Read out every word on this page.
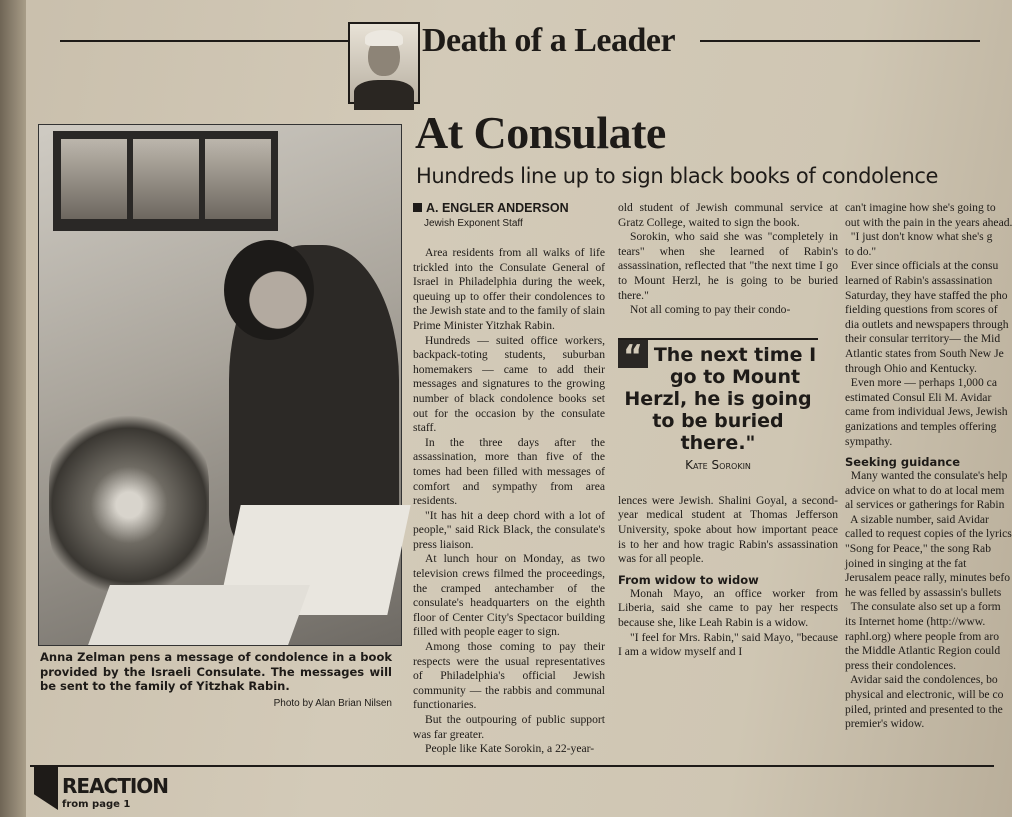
Death of a Leader
Anna Zelman pens a message of condolence in a book provided by the Israeli Consulate. The messages will be sent to the family of Yitzhak Rabin.
Photo by Alan Brian Nilsen
At Consulate
Hundreds line up to sign black books of condolence
A. ENGLER ANDERSON
Jewish Exponent Staff

Area residents from all walks of life trickled into the Consulate General of Israel in Philadelphia during the week, queuing up to offer their condolences to the Jewish state and to the family of slain Prime Minister Yitzhak Rabin.

Hundreds — suited office workers, backpack-toting students, suburban homemakers — came to add their messages and signatures to the growing number of black condolence books set out for the occasion by the consulate staff.

In the three days after the assassination, more than five of the tomes had been filled with messages of comfort and sympathy from area residents.

"It has hit a deep chord with a lot of people," said Rick Black, the consulate's press liaison.

At lunch hour on Monday, as two television crews filmed the proceedings, the cramped antechamber of the consulate's headquarters on the eighth floor of Center City's Spectacor building filled with people eager to sign.

Among those coming to pay their respects were the usual representatives of Philadelphia's official Jewish community — the rabbis and communal functionaries.

But the outpouring of public support was far greater.

People like Kate Sorokin, a 22-year-

old student of Jewish communal service at Gratz College, waited to sign the book.

Sorokin, who said she was "completely in tears" when she learned of Rabin's assassination, reflected that "the next time I go to Mount Herzl, he is going to be buried there."

Not all coming to pay their condo-

“ The next time I go to Mount Herzl, he is going to be buried there."
Kate Sorokin

lences were Jewish. Shalini Goyal, a second-year medical student at Thomas Jefferson University, spoke about how important peace is to her and how tragic Rabin's assassination was for all people.

From widow to widow

Monah Mayo, an office worker from Liberia, said she came to pay her respects because she, like Leah Rabin is a widow.

"I feel for Mrs. Rabin," said Mayo, "because I am a widow myself and I

can't imagine how she's going to
out with the pain in the years ahead.
"I just don't know what she's g
to do."
Ever since officials at the consu
learned of Rabin's assassination
Saturday, they have staffed the pho
fielding questions from scores of
dia outlets and newspapers through
their consular territory— the Mid
Atlantic states from South New Je
through Ohio and Kentucky.
Even more — perhaps 1,000 ca
estimated Consul Eli M. Avidar
came from individual Jews, Jewish
ganizations and temples offering
sympathy.
Seeking guidance
Many wanted the consulate's help
advice on what to do at local mem
al services or gatherings for Rabin
A sizable number, said Avidar
called to request copies of the lyrics
"Song for Peace," the song Rab
joined in singing at the fat
Jerusalem peace rally, minutes befo
he was felled by assassin's bullets
The consulate also set up a form
its Internet home (http://www.
raphl.org) where people from aro
the Middle Atlantic Region could
press their condolences.
Avidar said the condolences, bo
physical and electronic, will be co
piled, printed and presented to the
premier's widow.
REACTION
from page 1
